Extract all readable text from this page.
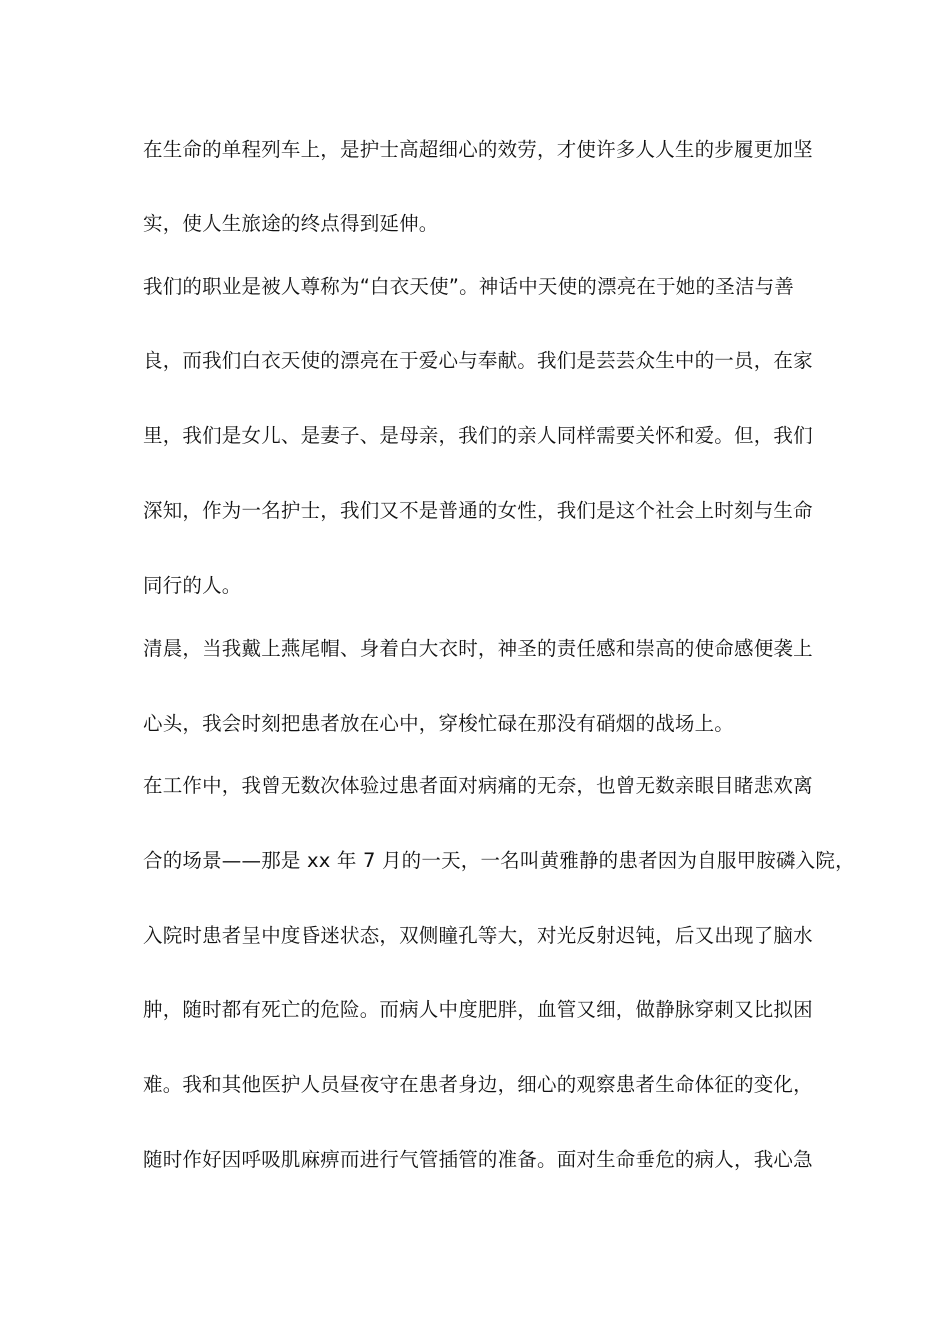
在生命的单程列车上，是护士高超细心的效劳，才使许多人人生的步履更加坚
实，使人生旅途的终点得到延伸。
我们的职业是被人尊称为“白衣天使”。神话中天使的漂亮在于她的圣洁与善
良，而我们白衣天使的漂亮在于爱心与奉献。我们是芸芸众生中的一员，在家
里，我们是女儿、是妻子、是母亲，我们的亲人同样需要关怀和爱。但，我们
深知，作为一名护士，我们又不是普通的女性，我们是这个社会上时刻与生命
同行的人。
清晨，当我戴上燕尾帽、身着白大衣时，神圣的责任感和崇高的使命感便袭上
心头，我会时刻把患者放在心中，穿梭忙碌在那没有硝烟的战场上。
在工作中，我曾无数次体验过患者面对病痛的无奈，也曾无数亲眼目睹悲欢离
合的场景——那是 xx 年 7 月的一天，一名叫黄雅静的患者因为自服甲胺磷入院，
入院时患者呈中度昏迷状态，双侧瞳孔等大，对光反射迟钝，后又出现了脑水
肿，随时都有死亡的危险。而病人中度肥胖，血管又细，做静脉穿刺又比拟困
难。我和其他医护人员昼夜守在患者身边，细心的观察患者生命体征的变化，
随时作好因呼吸肌麻痹而进行气管插管的准备。面对生命垂危的病人，我心急
